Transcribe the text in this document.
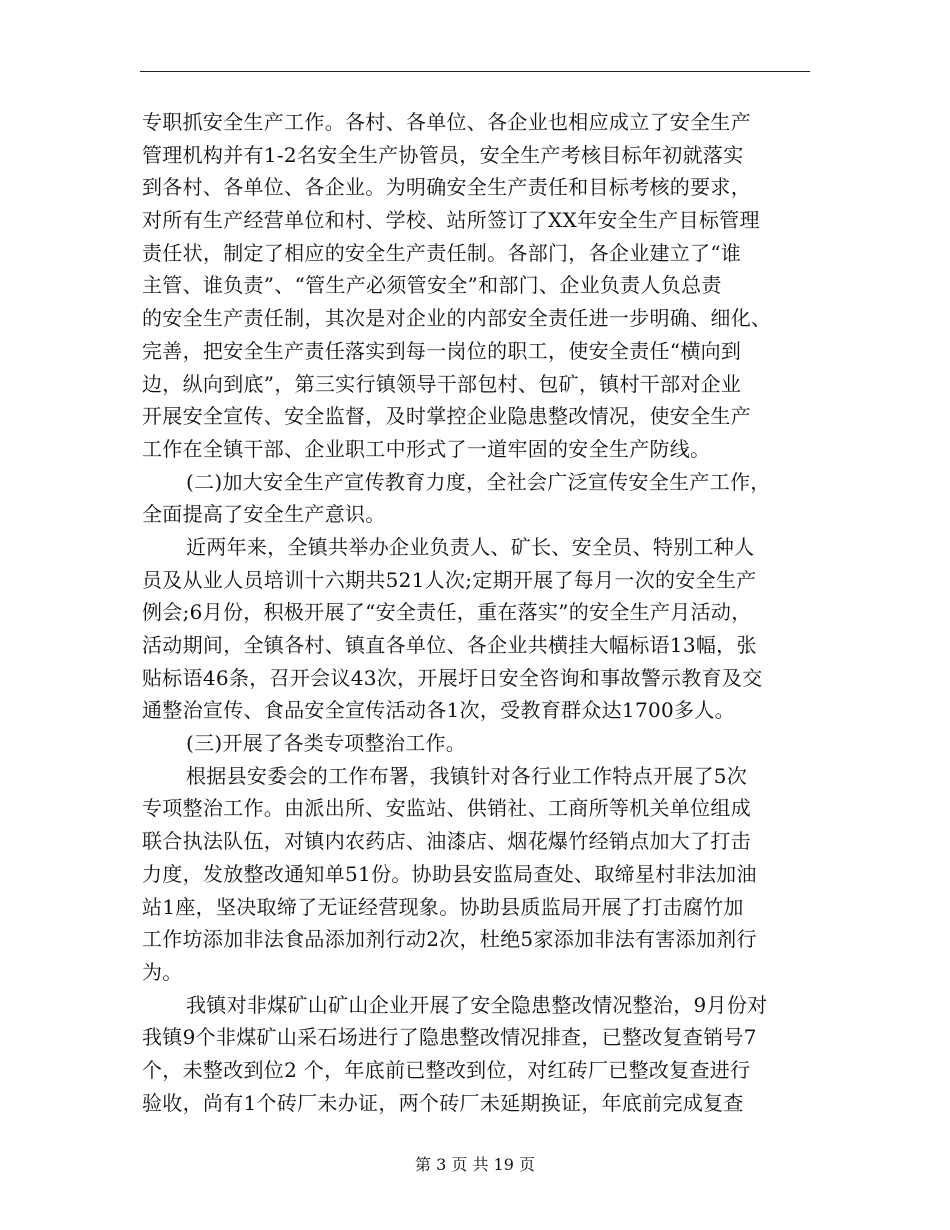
专职抓安全生产工作。各村、各单位、各企业也相应成立了安全生产
管理机构并有1-2名安全生产协管员，安全生产考核目标年初就落实
到各村、各单位、各企业。为明确安全生产责任和目标考核的要求，
对所有生产经营单位和村、学校、站所签订了XX年安全生产目标管理
责任状，制定了相应的安全生产责任制。各部门，各企业建立了“谁
主管、谁负责”、“管生产必须管安全”和部门、企业负责人负总责
的安全生产责任制，其次是对企业的内部安全责任进一步明确、细化、
完善，把安全生产责任落实到每一岗位的职工，使安全责任“横向到
边，纵向到底”，第三实行镇领导干部包村、包矿，镇村干部对企业
开展安全宣传、安全监督，及时掌控企业隐患整改情况，使安全生产
工作在全镇干部、企业职工中形式了一道牢固的安全生产防线。
(二)加大安全生产宣传教育力度，全社会广泛宣传安全生产工作，
全面提高了安全生产意识。
近两年来，全镇共举办企业负责人、矿长、安全员、特别工种人
员及从业人员培训十六期共521人次;定期开展了每月一次的安全生产
例会;6月份，积极开展了“安全责任，重在落实”的安全生产月活动，
活动期间，全镇各村、镇直各单位、各企业共横挂大幅标语13幅，张
贴标语46条，召开会议43次，开展圩日安全咨询和事故警示教育及交
通整治宣传、食品安全宣传活动各1次，受教育群众达1700多人。
(三)开展了各类专项整治工作。
根据县安委会的工作布署，我镇针对各行业工作特点开展了5次
专项整治工作。由派出所、安监站、供销社、工商所等机关单位组成
联合执法队伍，对镇内农药店、油漆店、烟花爆竹经销点加大了打击
力度，发放整改通知单51份。协助县安监局查处、取缔星村非法加油
站1座，坚决取缔了无证经营现象。协助县质监局开展了打击腐竹加
工作坊添加非法食品添加剂行动2次，杜绝5家添加非法有害添加剂行
为。
我镇对非煤矿山矿山企业开展了安全隐患整改情况整治，9月份对
我镇9个非煤矿山采石场进行了隐患整改情况排查，已整改复查销号7
个，未整改到位2 个，年底前已整改到位，对红砖厂已整改复查进行
验收，尚有1个砖厂未办证，两个砖厂未延期换证，年底前完成复查
第 3 页 共 19 页
